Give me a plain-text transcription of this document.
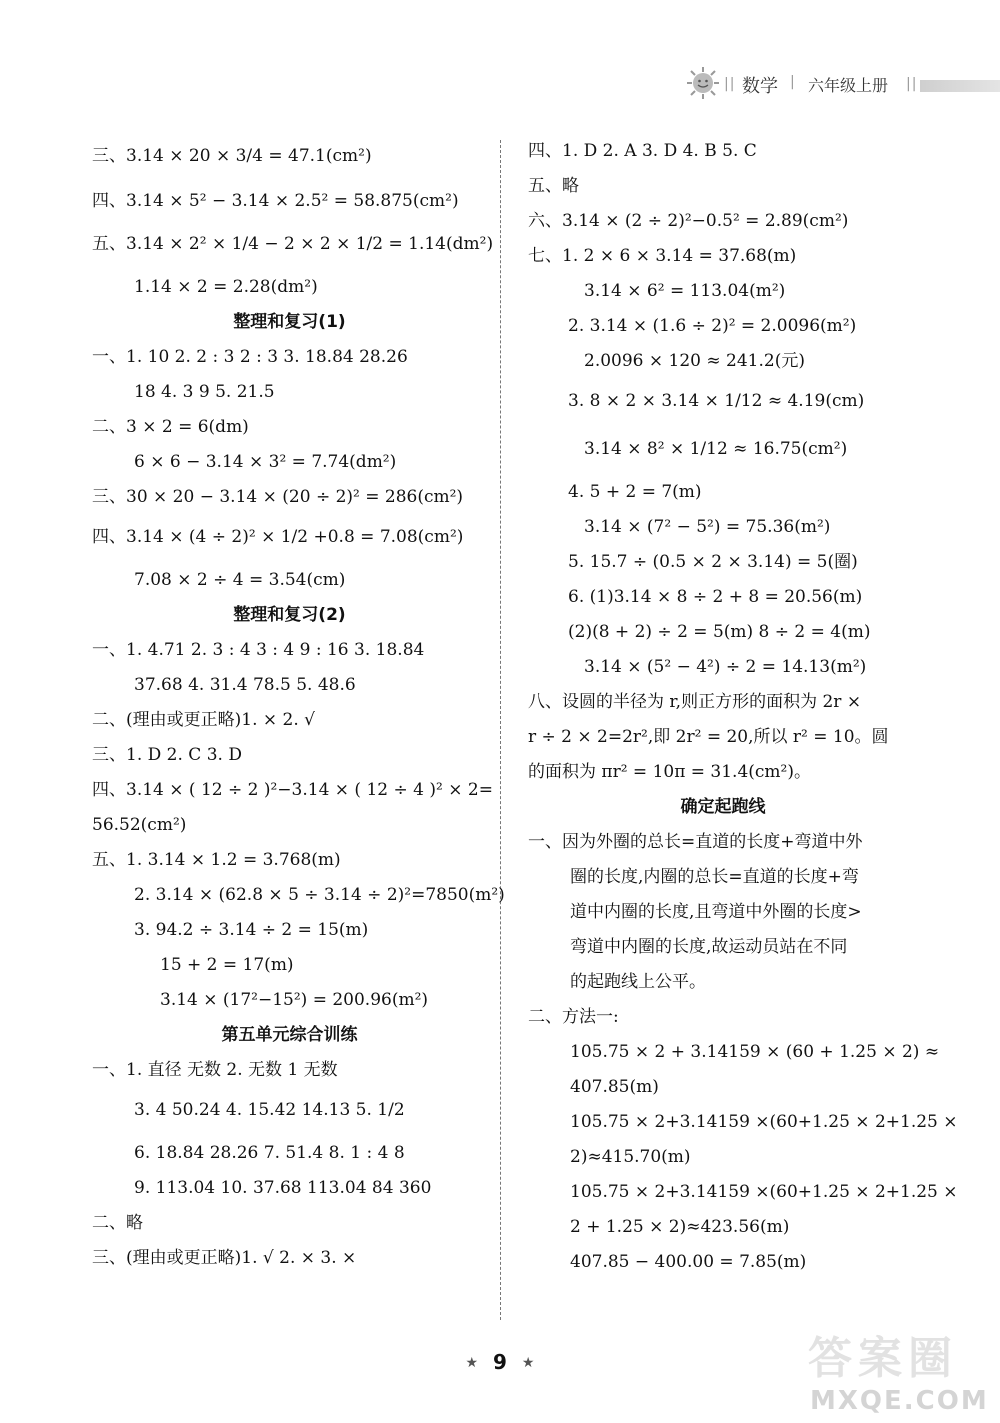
|| 数学 | 六年级上册 ||
三、3.14 × 20 × 3/4 = 47.1(cm²)
四、3.14 × 5² − 3.14 × 2.5² = 58.875(cm²)
五、3.14 × 2² × 1/4 − 2 × 2 × 1/2 = 1.14(dm²)
1.14 × 2 = 2.28(dm²)
整理和复习(1)
一、1. 10 2. 2 : 3 2 : 3 3. 18.84 28.26
18 4. 3 9 5. 21.5
二、3 × 2 = 6(dm)
6 × 6 − 3.14 × 3² = 7.74(dm²)
三、30 × 20 − 3.14 × (20 ÷ 2)² = 286(cm²)
四、3.14 × (4 ÷ 2)² × 1/2 +0.8 = 7.08(cm²)
7.08 × 2 ÷ 4 = 3.54(cm)
整理和复习(2)
一、1. 4.71 2. 3 : 4 3 : 4 9 : 16 3. 18.84
37.68 4. 31.4 78.5 5. 48.6
二、(理由或更正略)1. × 2. √
三、1. D 2. C 3. D
四、3.14 × ( 12 ÷ 2 )²−3.14 × ( 12 ÷ 4 )² × 2=
56.52(cm²)
五、1. 3.14 × 1.2 = 3.768(m)
2. 3.14 × (62.8 × 5 ÷ 3.14 ÷ 2)²=7850(m²)
3. 94.2 ÷ 3.14 ÷ 2 = 15(m)
15 + 2 = 17(m)
3.14 × (17²−15²) = 200.96(m²)
第五单元综合训练
一、1. 直径 无数 2. 无数 1 无数
3. 4 50.24 4. 15.42 14.13 5. 1/2
6. 18.84 28.26 7. 51.4 8. 1 : 4 8
9. 113.04 10. 37.68 113.04 84 360
二、略
三、(理由或更正略)1. √ 2. × 3. ×
四、1. D 2. A 3. D 4. B 5. C
五、略
六、3.14 × (2 ÷ 2)²−0.5² = 2.89(cm²)
七、1. 2 × 6 × 3.14 = 37.68(m)
3.14 × 6² = 113.04(m²)
2. 3.14 × (1.6 ÷ 2)² = 2.0096(m²)
2.0096 × 120 ≈ 241.2(元)
3. 8 × 2 × 3.14 × 1/12 ≈ 4.19(cm)
3.14 × 8² × 1/12 ≈ 16.75(cm²)
4. 5 + 2 = 7(m)
3.14 × (7² − 5²) = 75.36(m²)
5. 15.7 ÷ (0.5 × 2 × 3.14) = 5(圈)
6. (1)3.14 × 8 ÷ 2 + 8 = 20.56(m)
(2)(8 + 2) ÷ 2 = 5(m) 8 ÷ 2 = 4(m)
3.14 × (5² − 4²) ÷ 2 = 14.13(m²)
八、设圆的半径为 r,则正方形的面积为 2r ×
r ÷ 2 × 2=2r²,即 2r² = 20,所以 r² = 10。圆
的面积为 πr² = 10π = 31.4(cm²)。
确定起跑线
一、因为外圈的总长=直道的长度+弯道中外
圈的长度,内圈的总长=直道的长度+弯
道中内圈的长度,且弯道中外圈的长度>
弯道中内圈的长度,故运动员站在不同
的起跑线上公平。
二、方法一:
105.75 × 2 + 3.14159 × (60 + 1.25 × 2) ≈
407.85(m)
105.75 × 2+3.14159 ×(60+1.25 × 2+1.25 ×
2)≈415.70(m)
105.75 × 2+3.14159 ×(60+1.25 × 2+1.25 ×
2 + 1.25 × 2)≈423.56(m)
407.85 − 400.00 = 7.85(m)
★ 9 ★	答案圈
MXQE.COM
